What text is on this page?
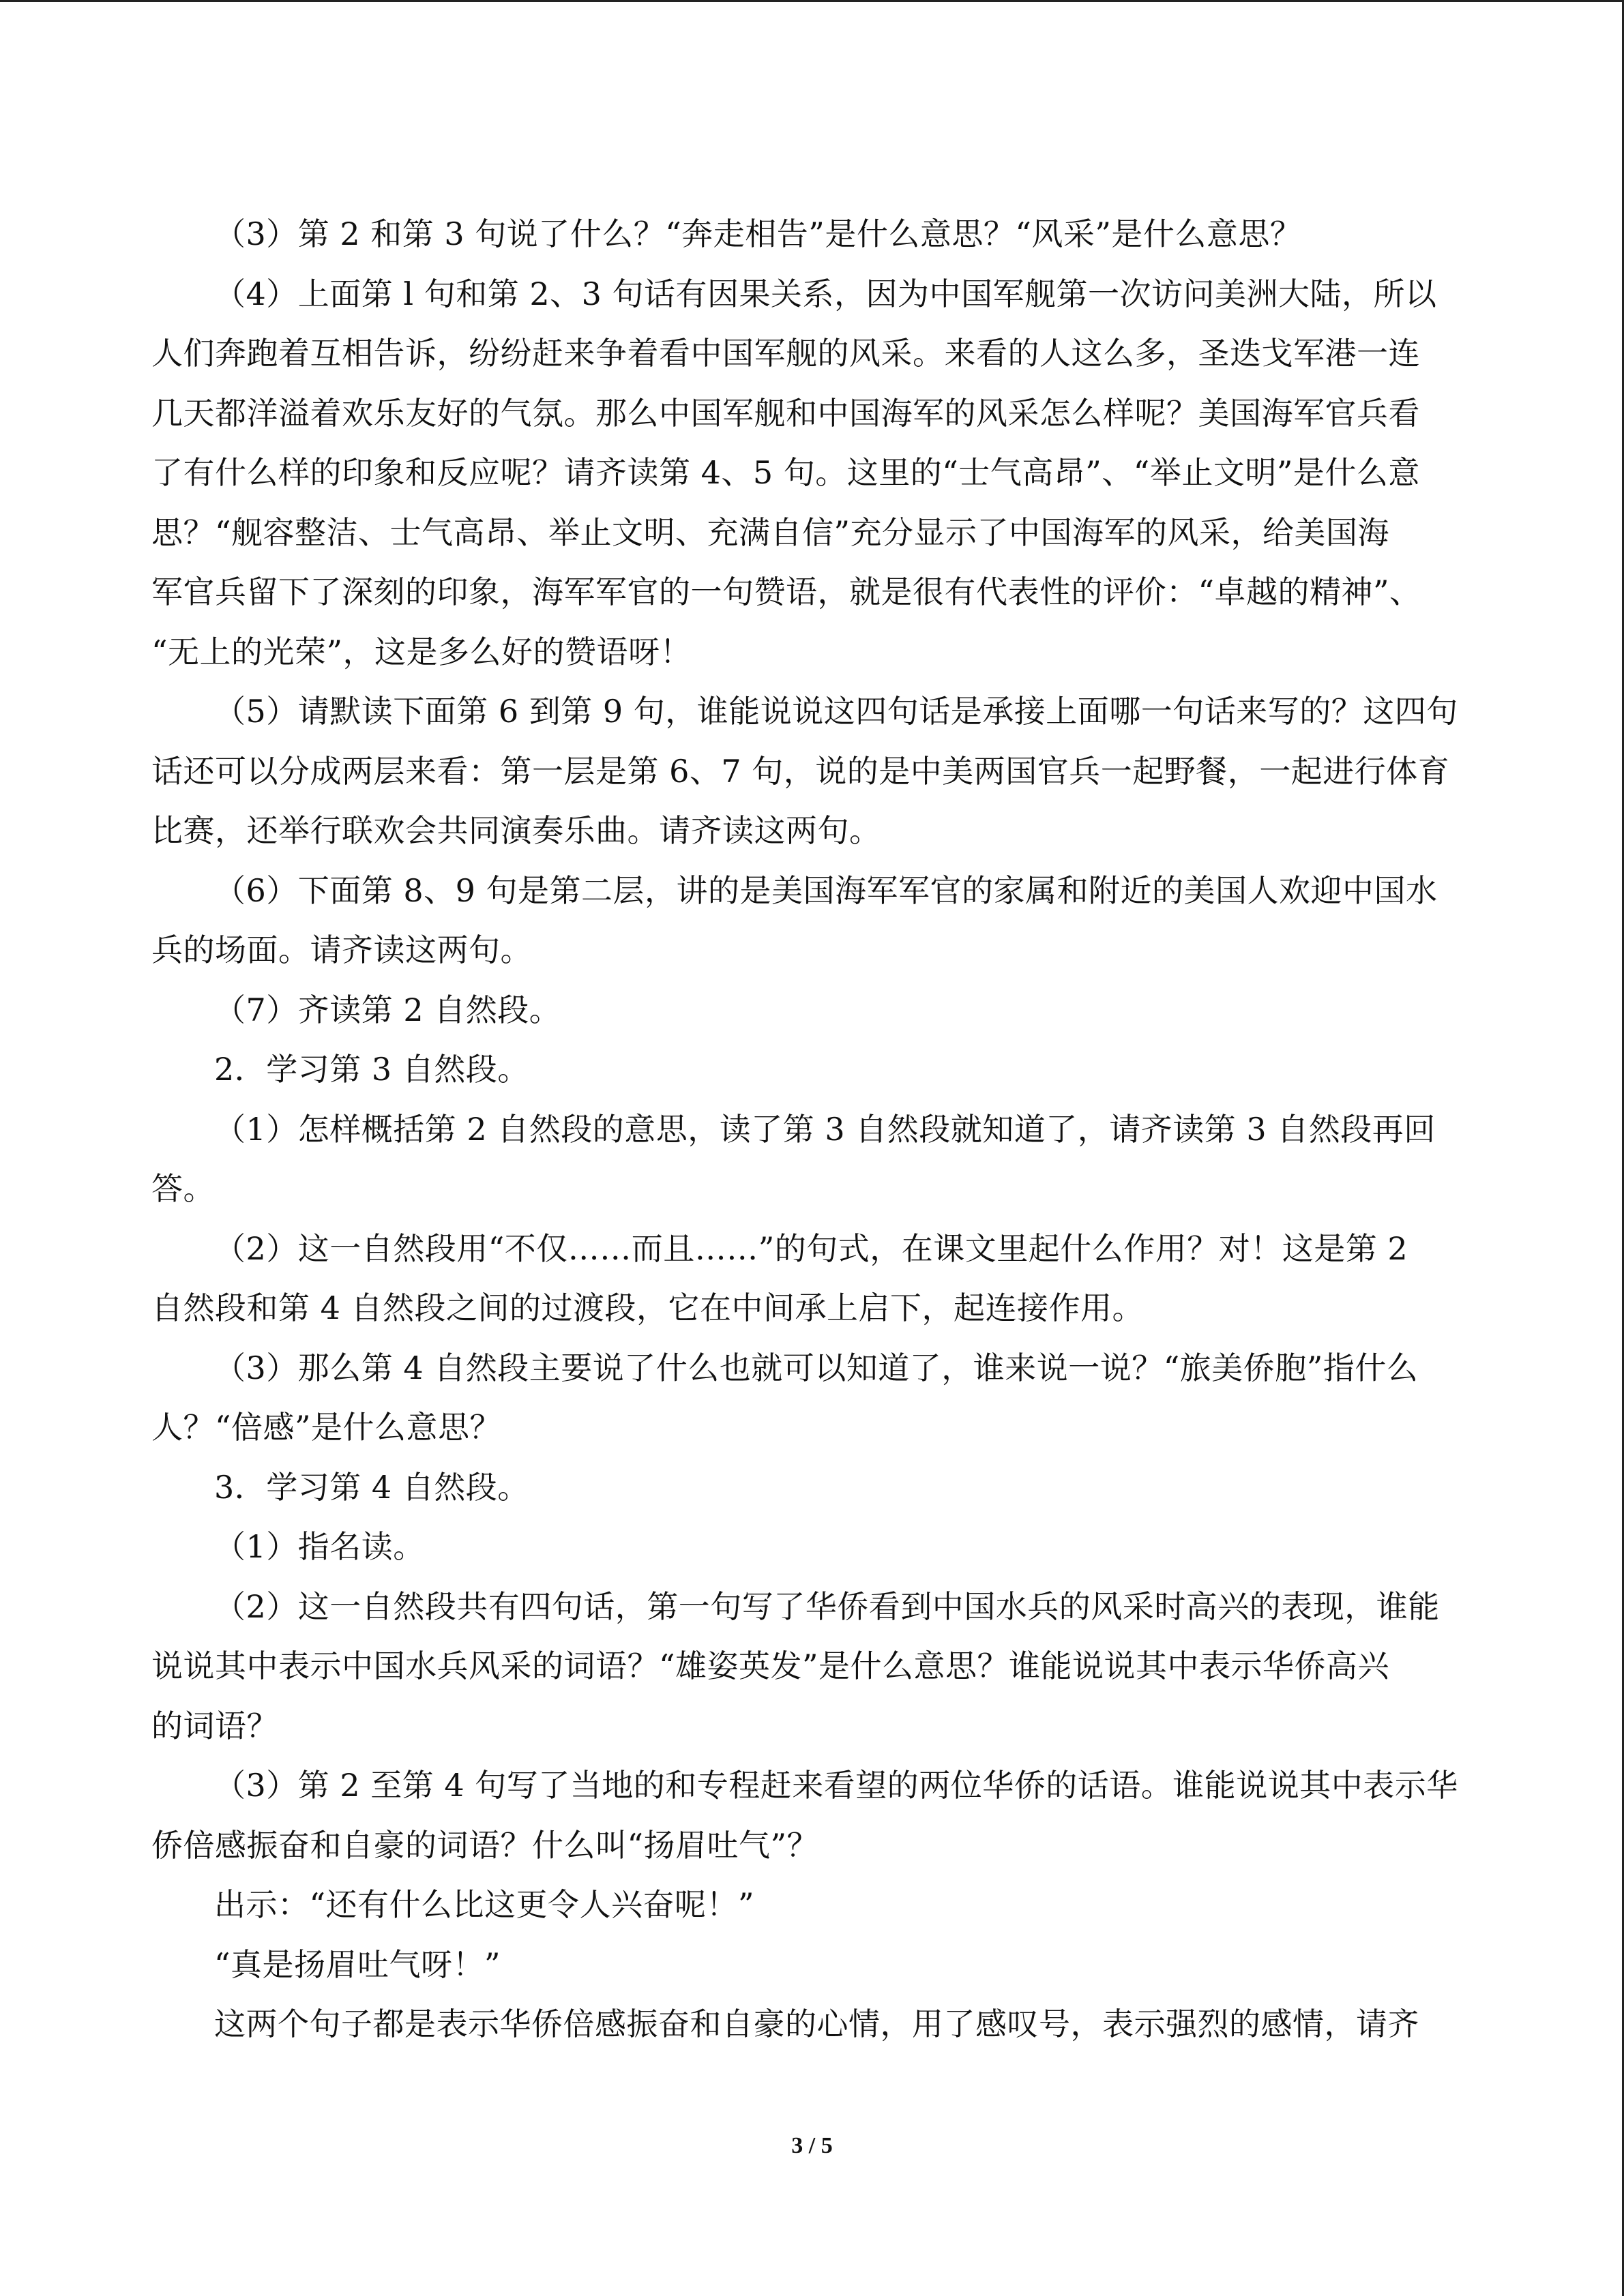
（3）第 2 和第 3 句说了什么？“奔走相告”是什么意思？“风采”是什么意思？
（4）上面第 l 句和第 2、3 句话有因果关系，因为中国军舰第一次访问美洲大陆，所以
人们奔跑着互相告诉，纷纷赶来争着看中国军舰的风采。来看的人这么多，圣迭戈军港一连
几天都洋溢着欢乐友好的气氛。那么中国军舰和中国海军的风采怎么样呢？美国海军官兵看
了有什么样的印象和反应呢？请齐读第 4、5 句。这里的“士气高昂”、“举止文明”是什么意
思？“舰容整洁、士气高昂、举止文明、充满自信”充分显示了中国海军的风采，给美国海
军官兵留下了深刻的印象，海军军官的一句赞语，就是很有代表性的评价：“卓越的精神”、
“无上的光荣”，这是多么好的赞语呀！
（5）请默读下面第 6 到第 9 句，谁能说说这四句话是承接上面哪一句话来写的？这四句
话还可以分成两层来看：第一层是第 6、7 句，说的是中美两国官兵一起野餐，一起进行体育
比赛，还举行联欢会共同演奏乐曲。请齐读这两句。
（6）下面第 8、9 句是第二层，讲的是美国海军军官的家属和附近的美国人欢迎中国水
兵的场面。请齐读这两句。
（7）齐读第 2 自然段。
2．学习第 3 自然段。
（1）怎样概括第 2 自然段的意思，读了第 3 自然段就知道了，请齐读第 3 自然段再回
答。
（2）这一自然段用“不仅……而且……”的句式，在课文里起什么作用？对！这是第 2
自然段和第 4 自然段之间的过渡段，它在中间承上启下，起连接作用。
（3）那么第 4 自然段主要说了什么也就可以知道了，谁来说一说？“旅美侨胞”指什么
人？“倍感”是什么意思？
3．学习第 4 自然段。
（1）指名读。
（2）这一自然段共有四句话，第一句写了华侨看到中国水兵的风采时高兴的表现，谁能
说说其中表示中国水兵风采的词语？“雄姿英发”是什么意思？谁能说说其中表示华侨高兴
的词语？
（3）第 2 至第 4 句写了当地的和专程赶来看望的两位华侨的话语。谁能说说其中表示华
侨倍感振奋和自豪的词语？什么叫“扬眉吐气”？
出示：“还有什么比这更令人兴奋呢！”
“真是扬眉吐气呀！”
这两个句子都是表示华侨倍感振奋和自豪的心情，用了感叹号，表示强烈的感情，请齐
3 / 5
